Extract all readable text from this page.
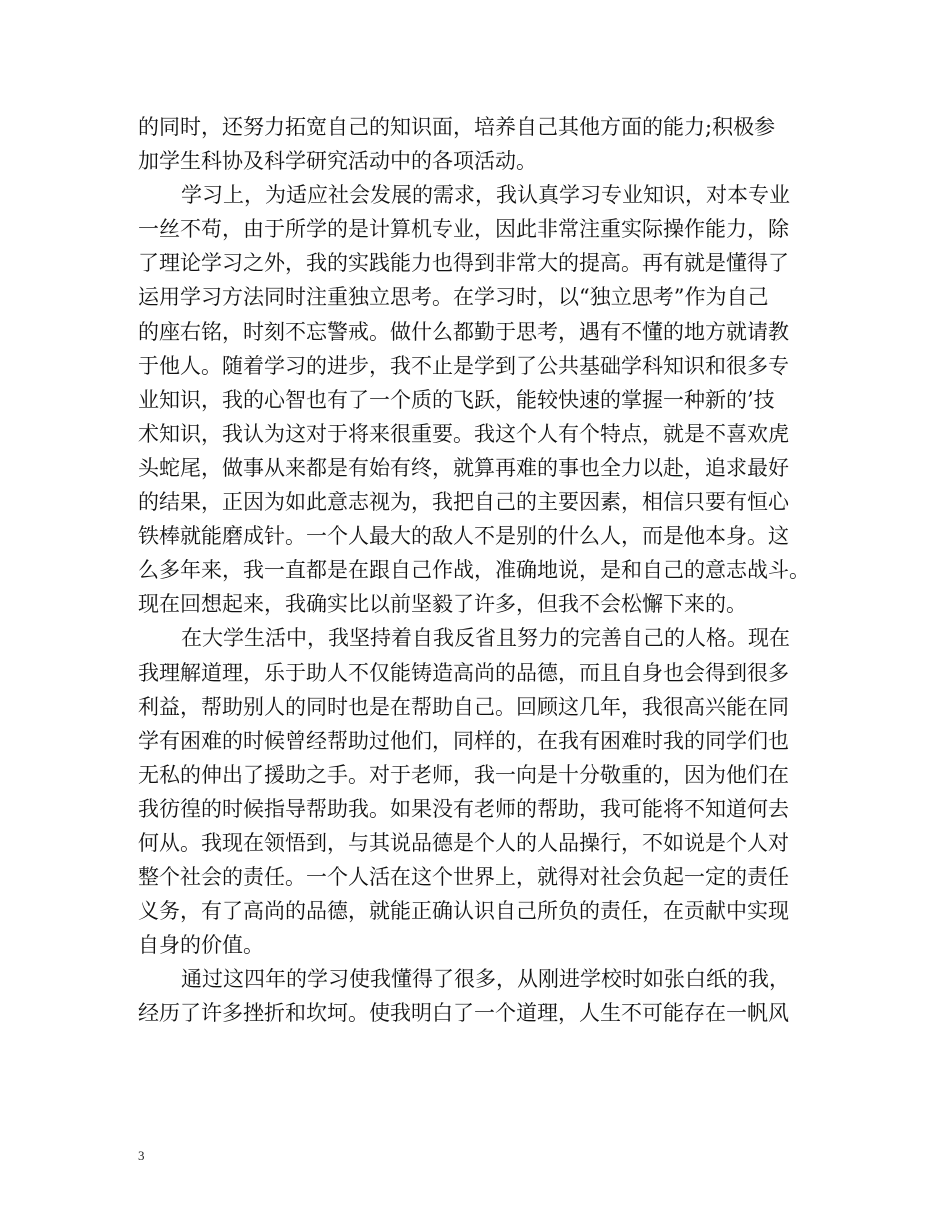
的同时，还努力拓宽自己的知识面，培养自己其他方面的能力;积极参
加学生科协及科学研究活动中的各项活动。
学习上，为适应社会发展的需求，我认真学习专业知识，对本专业
一丝不苟，由于所学的是计算机专业，因此非常注重实际操作能力，除
了理论学习之外，我的实践能力也得到非常大的提高。再有就是懂得了
运用学习方法同时注重独立思考。在学习时，以“独立思考”作为自己
的座右铭，时刻不忘警戒。做什么都勤于思考，遇有不懂的地方就请教
于他人。随着学习的进步，我不止是学到了公共基础学科知识和很多专
业知识，我的心智也有了一个质的飞跃，能较快速的掌握一种新的’技
术知识，我认为这对于将来很重要。我这个人有个特点，就是不喜欢虎
头蛇尾，做事从来都是有始有终，就算再难的事也全力以赴，追求最好
的结果，正因为如此意志视为，我把自己的主要因素，相信只要有恒心
铁棒就能磨成针。一个人最大的敌人不是别的什么人，而是他本身。这
么多年来，我一直都是在跟自己作战，准确地说，是和自己的意志战斗。
现在回想起来，我确实比以前坚毅了许多，但我不会松懈下来的。
在大学生活中，我坚持着自我反省且努力的完善自己的人格。现在
我理解道理，乐于助人不仅能铸造高尚的品德，而且自身也会得到很多
利益，帮助别人的同时也是在帮助自己。回顾这几年，我很高兴能在同
学有困难的时候曾经帮助过他们，同样的，在我有困难时我的同学们也
无私的伸出了援助之手。对于老师，我一向是十分敬重的，因为他们在
我彷徨的时候指导帮助我。如果没有老师的帮助，我可能将不知道何去
何从。我现在领悟到，与其说品德是个人的人品操行，不如说是个人对
整个社会的责任。一个人活在这个世界上，就得对社会负起一定的责任
义务，有了高尚的品德，就能正确认识自己所负的责任，在贡献中实现
自身的价值。
通过这四年的学习使我懂得了很多，从刚进学校时如张白纸的我，
经历了许多挫折和坎坷。使我明白了一个道理，人生不可能存在一帆风
3
